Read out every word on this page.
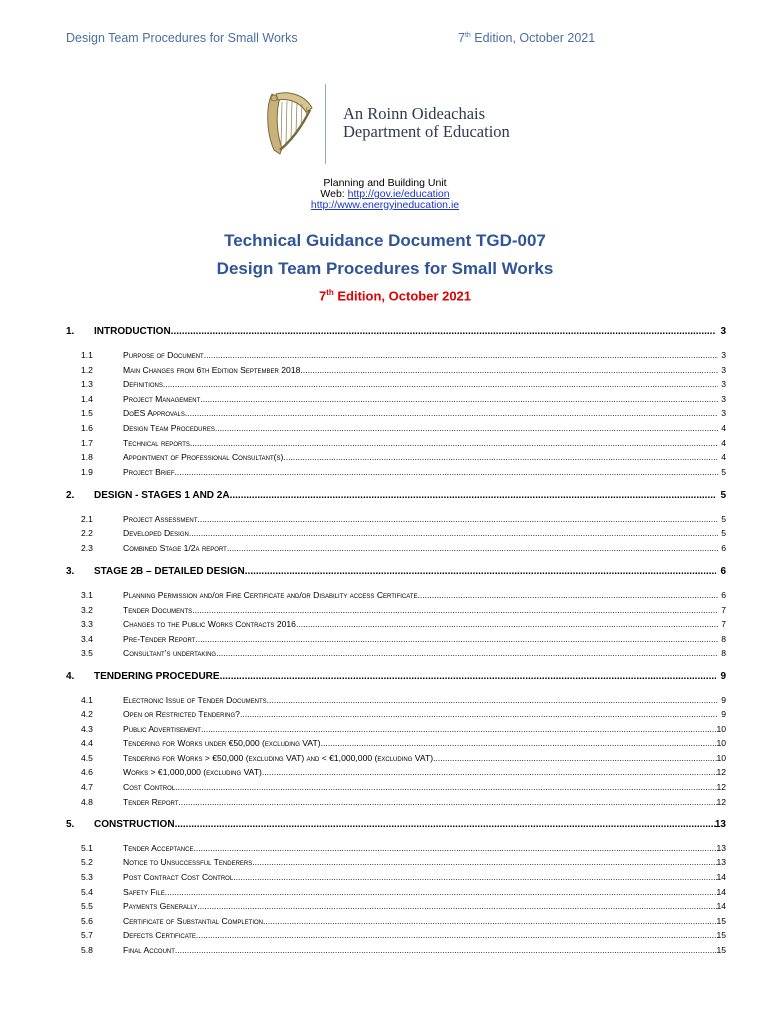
Design Team Procedures for Small Works	7th Edition, October 2021
An Roinn Oideachais
Department of Education
Planning and Building Unit
Web: http://gov.ie/education
http://www.energyineducation.ie
Technical Guidance Document TGD-007
Design Team Procedures for Small Works
7th Edition, October 2021
1. INTRODUCTION .....	3
1.1	Purpose of Document .....	3
1.2	Main Changes from 6th Edition September 2018 .....	3
1.3	Definitions .....	3
1.4	Project Management .....	3
1.5	DoES Approvals .....	3
1.6	Design Team Procedures .....	4
1.7	Technical reports .....	4
1.8	Appointment of Professional Consultant(s) .....	4
1.9	Project Brief .....	5
2. DESIGN - STAGES 1 AND 2A .....	5
2.1	Project Assessment .....	5
2.2	Developed Design .....	5
2.3	Combined Stage 1/2a report .....	6
3. STAGE 2B – DETAILED DESIGN .....	6
3.1	Planning Permission and/or Fire Certificate and/or Disability access Certificate .....	6
3.2	Tender Documents .....	7
3.3	Changes to the Public Works Contracts 2016 .....	7
3.4	Pre-Tender Report .....	8
3.5	Consultant’s undertaking .....	8
4. TENDERING PROCEDURE .....	9
4.1	Electronic Issue of Tender Documents .....	9
4.2	Open or Restricted Tendering? .....	9
4.3	Public Advertisement .....	10
4.4	Tendering for Works under €50,000 (excluding VAT) .....	10
4.5	Tendering for Works > €50,000 (excluding VAT) and < €1,000,000 (excluding VAT) .....	10
4.6	Works > €1,000,000 (excluding VAT) .....	12
4.7	Cost Control .....	12
4.8	Tender Report .....	12
5. CONSTRUCTION .....	13
5.1	Tender Acceptance .....	13
5.2	Notice to Unsuccessful Tenderers .....	13
5.3	Post Contract Cost Control .....	14
5.4	Safety File .....	14
5.5	Payments Generally .....	14
5.6	Certificate of Substantial Completion .....	15
5.7	Defects Certificate .....	15
5.8	Final Account .....	15
